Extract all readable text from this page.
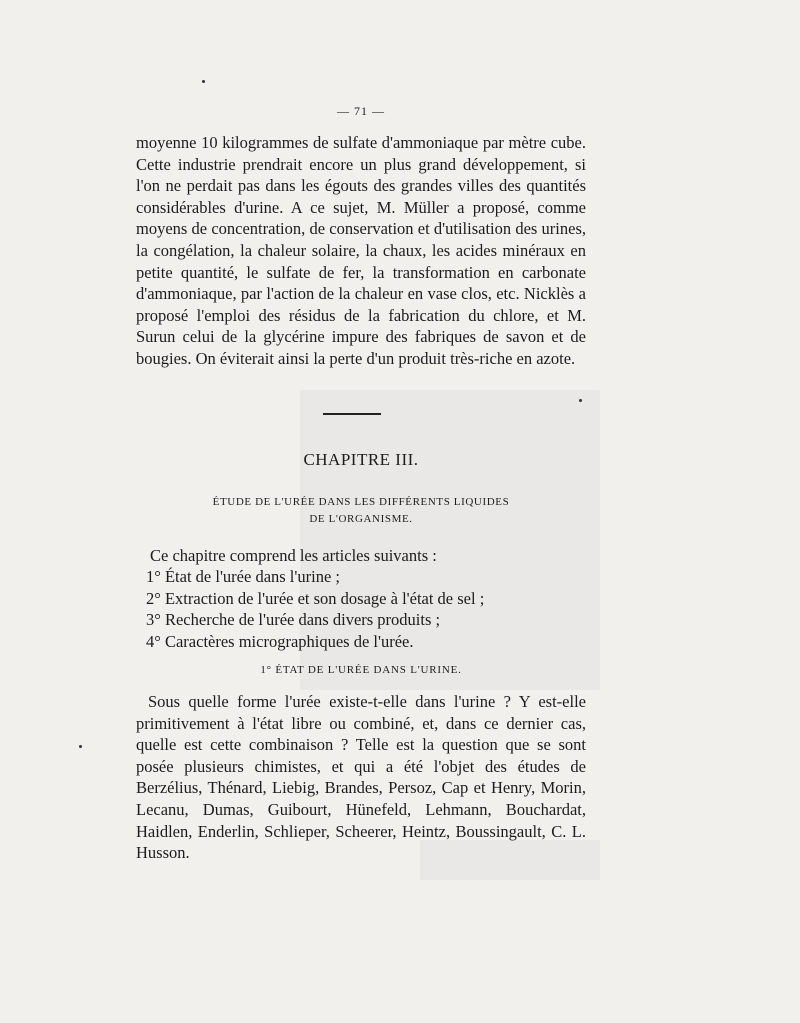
— 71 —

moyenne 10 kilogrammes de sulfate d'ammoniaque par mètre cube. Cette industrie prendrait encore un plus grand développement, si l'on ne perdait pas dans les égouts des grandes villes des quantités considérables d'urine. A ce sujet, M. Müller a proposé, comme moyens de concentration, de conservation et d'utilisation des urines, la congélation, la chaleur solaire, la chaux, les acides minéraux en petite quantité, le sulfate de fer, la transformation en carbonate d'ammoniaque, par l'action de la chaleur en vase clos, etc. Nicklès a proposé l'emploi des résidus de la fabrication du chlore, et M. Surun celui de la glycérine impure des fabriques de savon et de bougies. On éviterait ainsi la perte d'un produit très-riche en azote.

CHAPITRE III.
ÉTUDE DE L'URÉE DANS LES DIFFÉRENTS LIQUIDES
DE L'ORGANISME.
Ce chapitre comprend les articles suivants :
1° État de l'urée dans l'urine ;
2° Extraction de l'urée et son dosage à l'état de sel ;
3° Recherche de l'urée dans divers produits ;
4° Caractères micrographiques de l'urée.
1° ÉTAT DE L'URÉE DANS L'URINE.

Sous quelle forme l'urée existe-t-elle dans l'urine ? Y est-elle primitivement à l'état libre ou combiné, et, dans ce dernier cas, quelle est cette combinaison ? Telle est la question que se sont posée plusieurs chimistes, et qui a été l'objet des études de Berzélius, Thénard, Liebig, Brandes, Persoz, Cap et Henry, Morin, Lecanu, Dumas, Guibourt, Hünefeld, Lehmann, Bouchardat, Haidlen, Enderlin, Schlieper, Scheerer, Heintz, Boussingault, C. L. Husson.
